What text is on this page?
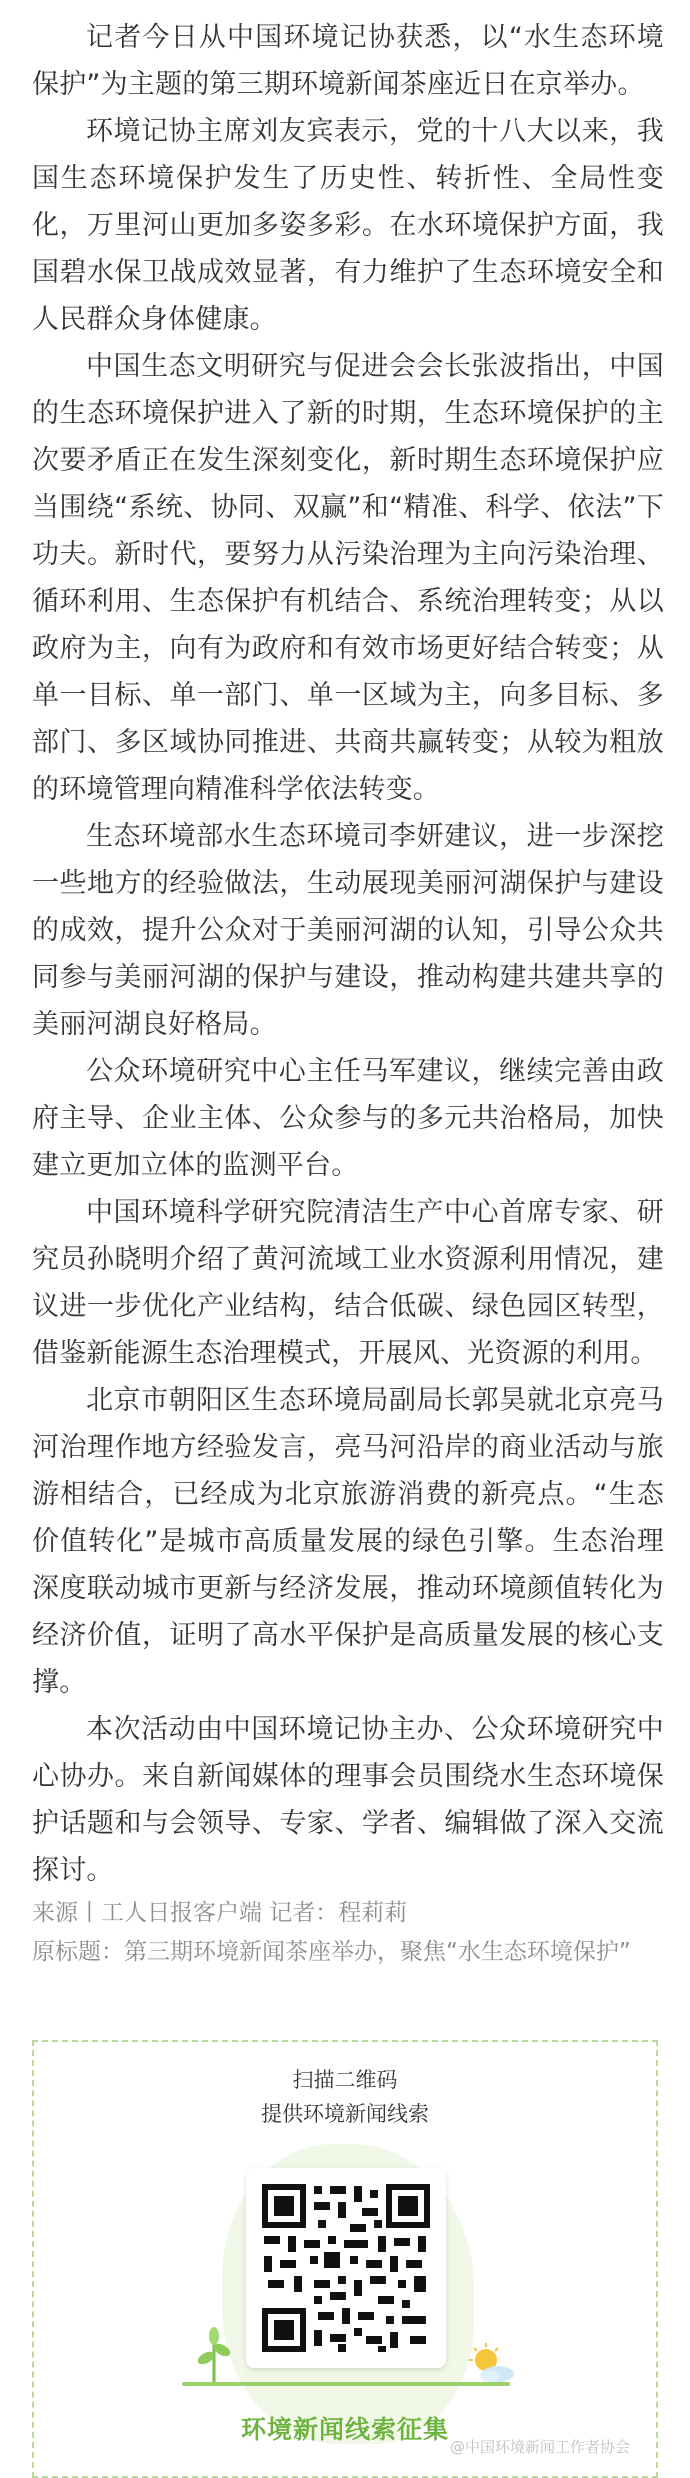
记者今日从中国环境记协获悉，以“水生态环境保护”为主题的第三期环境新闻茶座近日在京举办。

环境记协主席刘友宾表示，党的十八大以来，我国生态环境保护发生了历史性、转折性、全局性变化，万里河山更加多姿多彩。在水环境保护方面，我国碧水保卫战成效显著，有力维护了生态环境安全和人民群众身体健康。

中国生态文明研究与促进会会长张波指出，中国的生态环境保护进入了新的时期，生态环境保护的主次要矛盾正在发生深刻变化，新时期生态环境保护应当围绕“系统、协同、双赢”和“精准、科学、依法”下功夫。新时代，要努力从污染治理为主向污染治理、循环利用、生态保护有机结合、系统治理转变；从以政府为主，向有为政府和有效市场更好结合转变；从单一目标、单一部门、单一区域为主，向多目标、多部门、多区域协同推进、共商共赢转变；从较为粗放的环境管理向精准科学依法转变。

生态环境部水生态环境司李妍建议，进一步深挖一些地方的经验做法，生动展现美丽河湖保护与建设的成效，提升公众对于美丽河湖的认知，引导公众共同参与美丽河湖的保护与建设，推动构建共建共享的美丽河湖良好格局。

公众环境研究中心主任马军建议，继续完善由政府主导、企业主体、公众参与的多元共治格局，加快建立更加立体的监测平台。

中国环境科学研究院清洁生产中心首席专家、研究员孙晓明介绍了黄河流域工业水资源利用情况，建议进一步优化产业结构，结合低碳、绿色园区转型，借鉴新能源生态治理模式，开展风、光资源的利用。

北京市朝阳区生态环境局副局长郭昊就北京亮马河治理作地方经验发言，亮马河沿岸的商业活动与旅游相结合，已经成为北京旅游消费的新亮点。“生态价值转化”是城市高质量发展的绿色引擎。生态治理深度联动城市更新与经济发展，推动环境颜值转化为经济价值，证明了高水平保护是高质量发展的核心支撑。

本次活动由中国环境记协主办、公众环境研究中心协办。来自新闻媒体的理事会员围绕水生态环境保护话题和与会领导、专家、学者、编辑做了深入交流探讨。

来源丨工人日报客户端 记者：程莉莉

原标题：第三期环境新闻茶座举办，聚焦“水生态环境保护”

扫描二维码
提供环境新闻线索
环境新闻线索征集
@中国环境新闻工作者协会
